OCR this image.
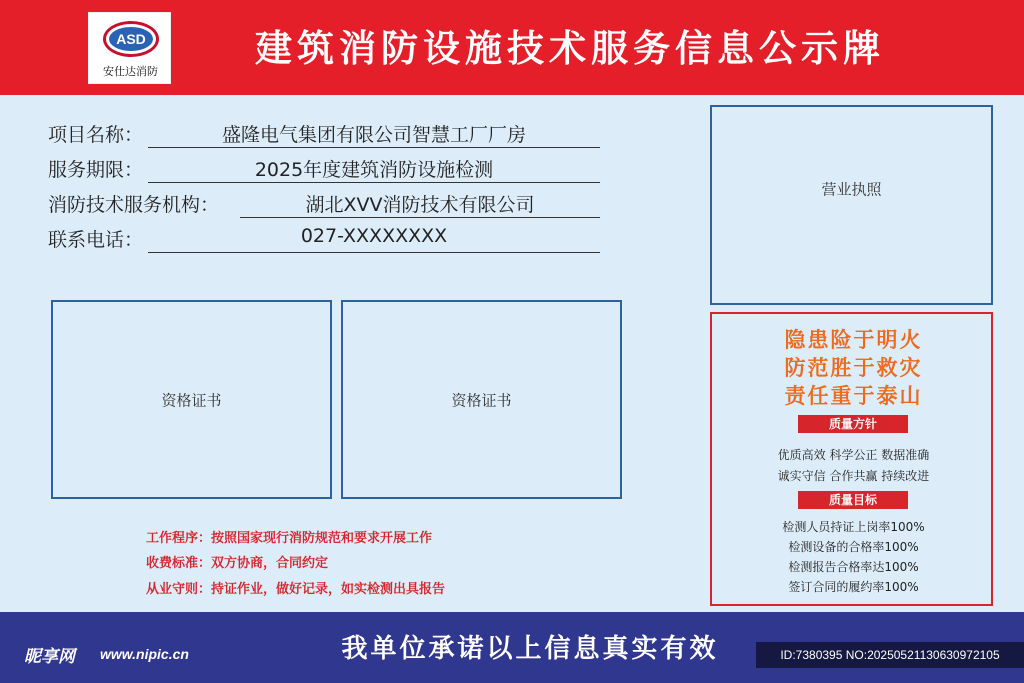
ASD
安仕达消防
建筑消防设施技术服务信息公示牌
项目名称：	盛隆电气集团有限公司智慧工厂厂房
服务期限：	2025年度建筑消防设施检测
消防技术服务机构：	湖北XVV消防技术有限公司
联系电话：	027-XXXXXXXX
资格证书	资格证书
营业执照
隐患险于明火
防范胜于救灾
责任重于泰山
质量方针
优质高效 科学公正 数据准确
诚实守信 合作共赢 持续改进
质量目标
检测人员持证上岗率100%
检测设备的合格率100%
检测报告合格率达100%
签订合同的履约率100%
工作程序：按照国家现行消防规范和要求开展工作
收费标准：双方协商，合同约定
从业守则：持证作业，做好记录，如实检测出具报告
昵享网 www.nipic.cn	我单位承诺以上信息真实有效	ID:7380395 NO:20250521130630972105
